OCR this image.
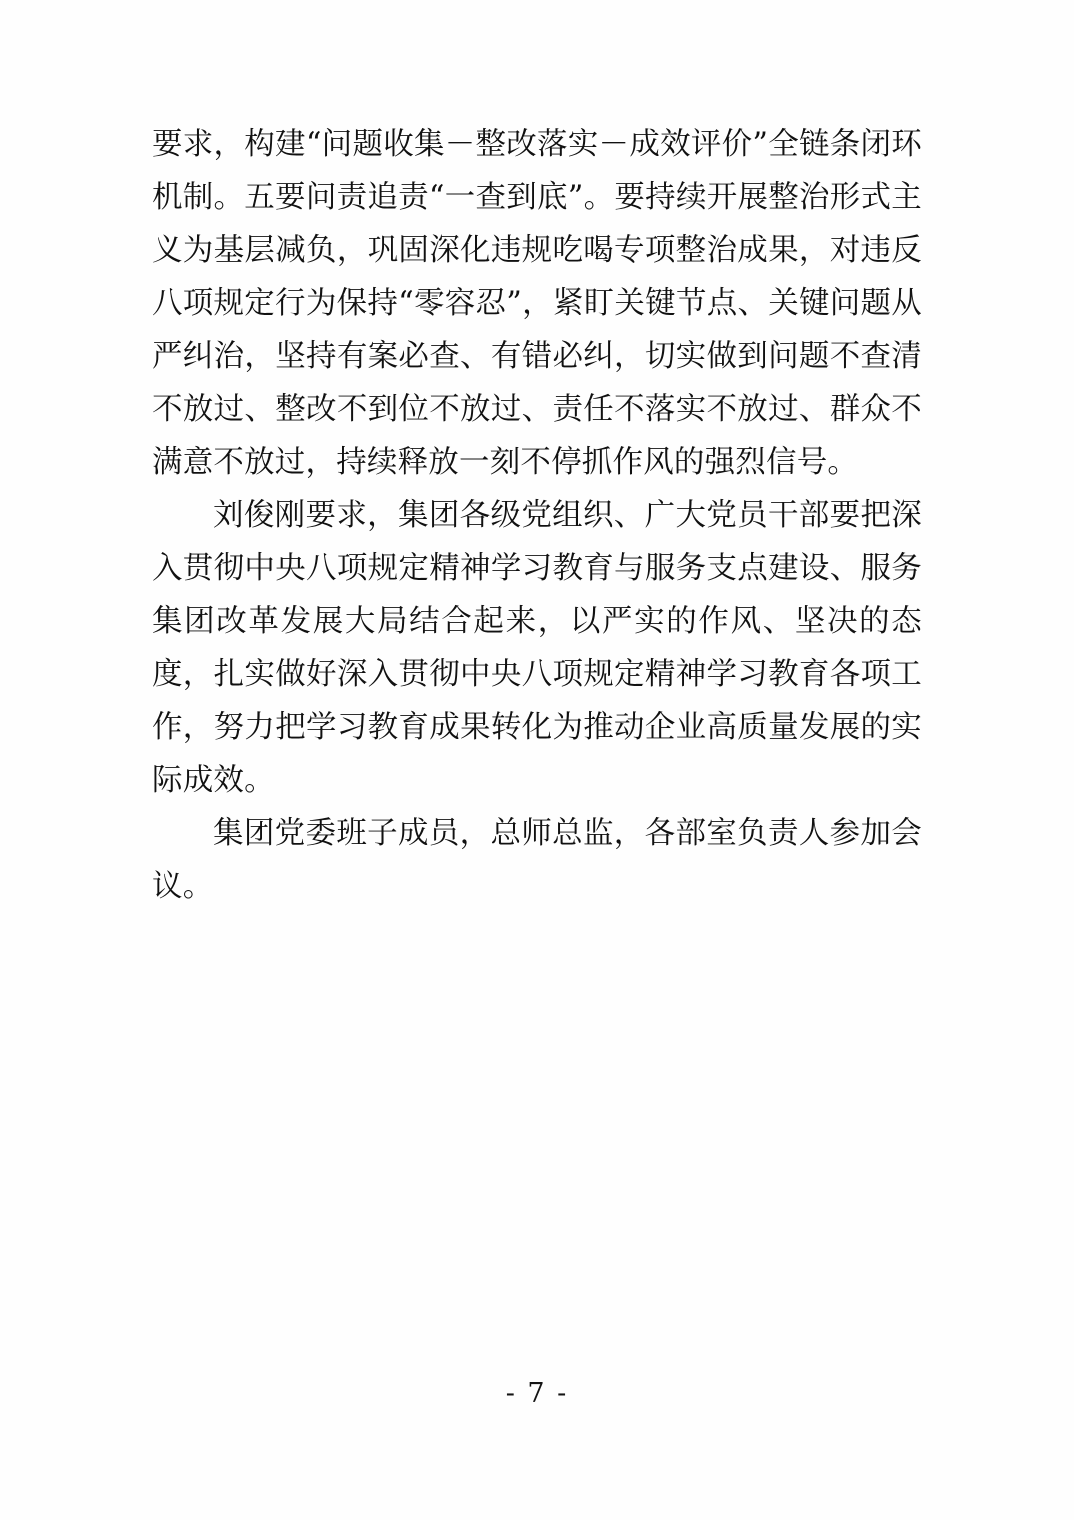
要求，构建“问题收集－整改落实－成效评价”全链条闭环机制。五要问责追责“一查到底”。要持续开展整治形式主义为基层减负，巩固深化违规吃喝专项整治成果，对违反八项规定行为保持“零容忍”，紧盯关键节点、关键问题从严纠治，坚持有案必查、有错必纠，切实做到问题不查清不放过、整改不到位不放过、责任不落实不放过、群众不满意不放过，持续释放一刻不停抓作风的强烈信号。

刘俊刚要求，集团各级党组织、广大党员干部要把深入贯彻中央八项规定精神学习教育与服务支点建设、服务集团改革发展大局结合起来，以严实的作风、坚决的态度，扎实做好深入贯彻中央八项规定精神学习教育各项工作，努力把学习教育成果转化为推动企业高质量发展的实际成效。

集团党委班子成员，总师总监，各部室负责人参加会议。

- 7 -
